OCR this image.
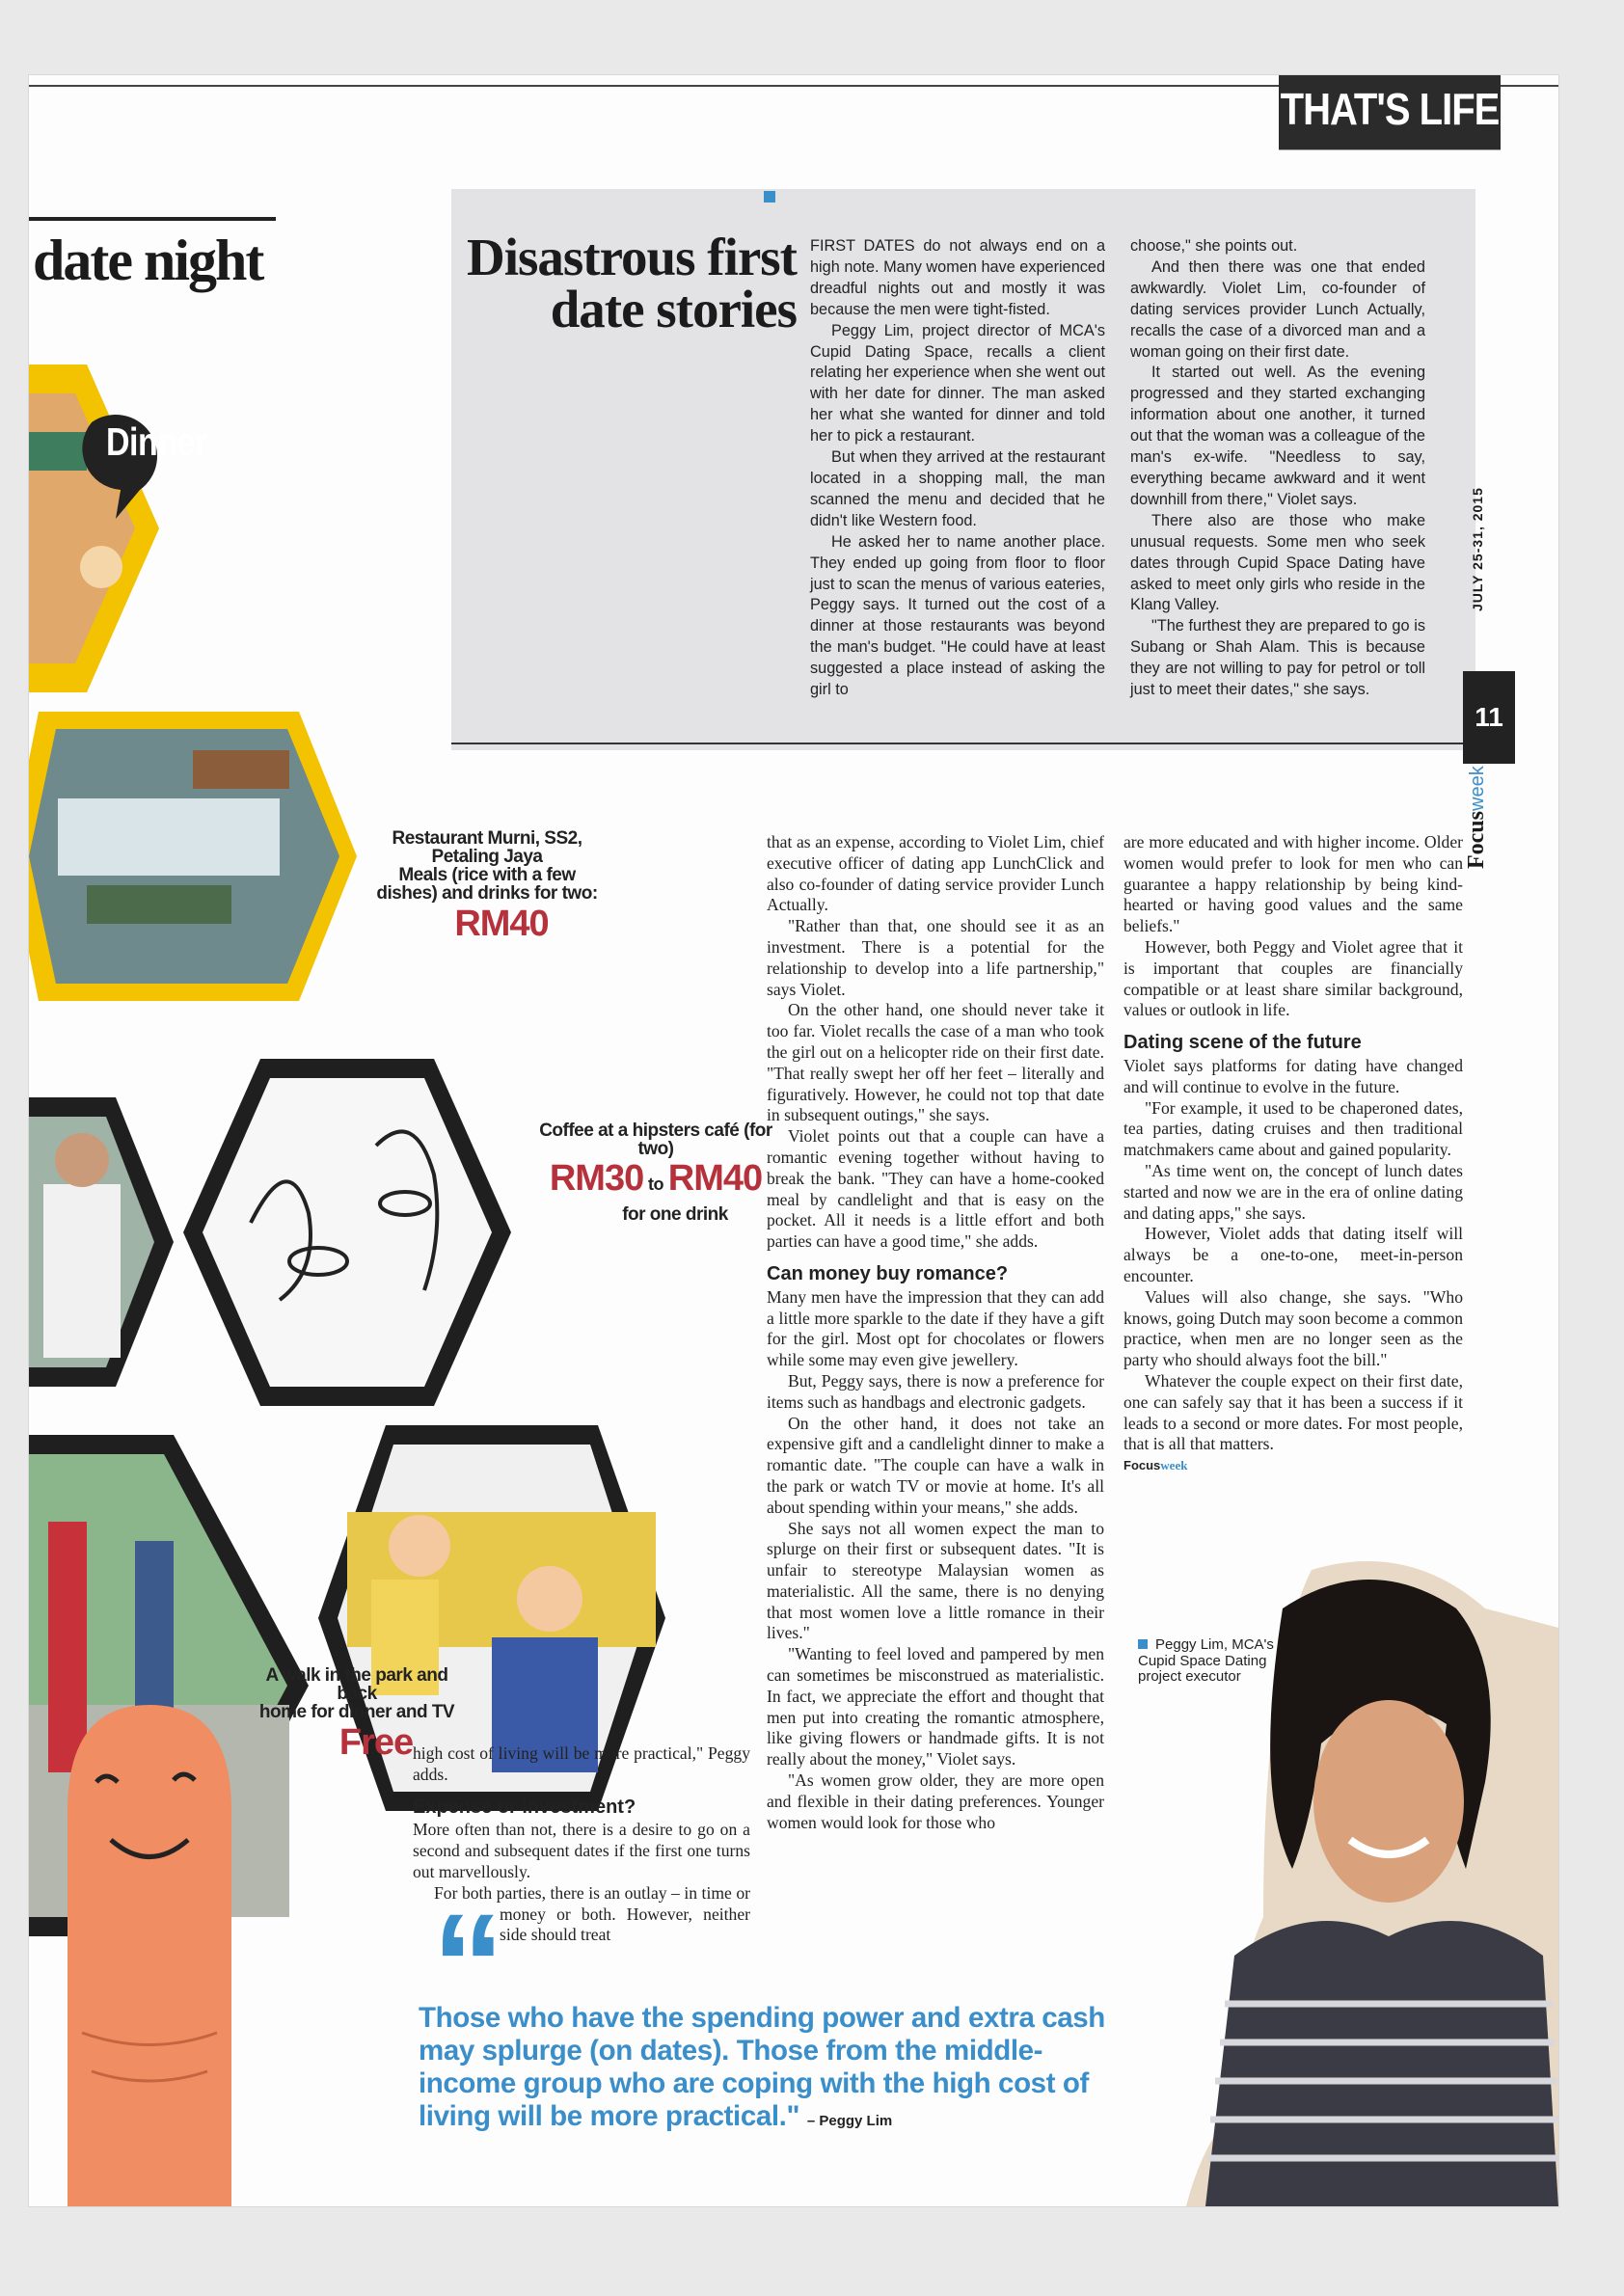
THAT'S LIFE
date night
Dinner
Restaurant Murni, SS2,
Petaling Jaya
Meals (rice with a few
dishes) and drinks for two:
RM40
Coffee at a hipsters café (for two)
RM30 to RM40
for one drink
A walk in the park and back
home for dinner and TV
Free
Disastrous first
date stories

FIRST DATES do not always end on a high note. Many women have experienced dreadful nights out and mostly it was because the men were tight-fisted.

Peggy Lim, project director of MCA's Cupid Dating Space, recalls a client relating her experience when she went out with her date for dinner. The man asked her what she wanted for dinner and told her to pick a restaurant.

But when they arrived at the restaurant located in a shopping mall, the man scanned the menu and decided that he didn't like Western food.

He asked her to name another place. They ended up going from floor to floor just to scan the menus of various eateries, Peggy says. It turned out the cost of a dinner at those restaurants was beyond the man's budget. "He could have at least suggested a place instead of asking the girl to

choose," she points out.

And then there was one that ended awkwardly. Violet Lim, co-founder of dating services provider Lunch Actually, recalls the case of a divorced man and a woman going on their first date.

It started out well. As the evening progressed and they started exchanging information about one another, it turned out that the woman was a colleague of the man's ex-wife. "Needless to say, everything became awkward and it went downhill from there," Violet says.

There also are those who make unusual requests. Some men who seek dates through Cupid Space Dating have asked to meet only girls who reside in the Klang Valley.

"The furthest they are prepared to go is Subang or Shah Alam. This is because they are not willing to pay for petrol or toll just to meet their dates," she says.

JULY 25-31, 2015
11
Focusweek

high cost of living will be more practical," Peggy adds.

Expense or investment?

More often than not, there is a desire to go on a second and subsequent dates if the first one turns out marvellously.

For both parties, there is an outlay – in time or money or both. However, neither side should treat

“

that as an expense, according to Violet Lim, chief executive officer of dating app LunchClick and also co-founder of dating service provider Lunch Actually.

"Rather than that, one should see it as an investment. There is a potential for the relationship to develop into a life partnership," says Violet.

On the other hand, one should never take it too far. Violet recalls the case of a man who took the girl out on a helicopter ride on their first date. "That really swept her off her feet – literally and figuratively. However, he could not top that date in subsequent outings," she says.

Violet points out that a couple can have a romantic evening together without having to break the bank. "They can have a home-cooked meal by candlelight and that is easy on the pocket. All it needs is a little effort and both parties can have a good time," she adds.

Can money buy romance?

Many men have the impression that they can add a little more sparkle to the date if they have a gift for the girl. Most opt for chocolates or flowers while some may even give jewellery.

But, Peggy says, there is now a preference for items such as handbags and electronic gadgets.

On the other hand, it does not take an expensive gift and a candlelight dinner to make a romantic date. "The couple can have a walk in the park or watch TV or movie at home. It's all about spending within your means," she adds.

She says not all women expect the man to splurge on their first or subsequent dates. "It is unfair to stereotype Malaysian women as materialistic. All the same, there is no denying that most women love a little romance in their lives."

"Wanting to feel loved and pampered by men can sometimes be misconstrued as materialistic. In fact, we appreciate the effort and thought that men put into creating the romantic atmosphere, like giving flowers or handmade gifts. It is not really about the money," Violet says.

"As women grow older, they are more open and flexible in their dating preferences. Younger women would look for those who

are more educated and with higher income. Older women would prefer to look for men who can guarantee a happy relationship by being kind-hearted or having good values and the same beliefs."

However, both Peggy and Violet agree that it is important that couples are financially compatible or at least share similar background, values or outlook in life.

Dating scene of the future

Violet says platforms for dating have changed and will continue to evolve in the future.

"For example, it used to be chaperoned dates, tea parties, dating cruises and then traditional matchmakers came about and gained popularity.

"As time went on, the concept of lunch dates started and now we are in the era of online dating and dating apps," she says.

However, Violet adds that dating itself will always be a one-to-one, meet-in-person encounter.

Values will also change, she says. "Who knows, going Dutch may soon become a common practice, when men are no longer seen as the party who should always foot the bill."

Whatever the couple expect on their first date, one can safely say that it has been a success if it leads to a second or more dates. For most people, that is all that matters.

Focusweek
Peggy Lim, MCA's Cupid Space Dating project executor
Those who have the spending power and extra cash may splurge (on dates). Those from the middle-income group who are coping with the high cost of living will be more practical." – Peggy Lim
